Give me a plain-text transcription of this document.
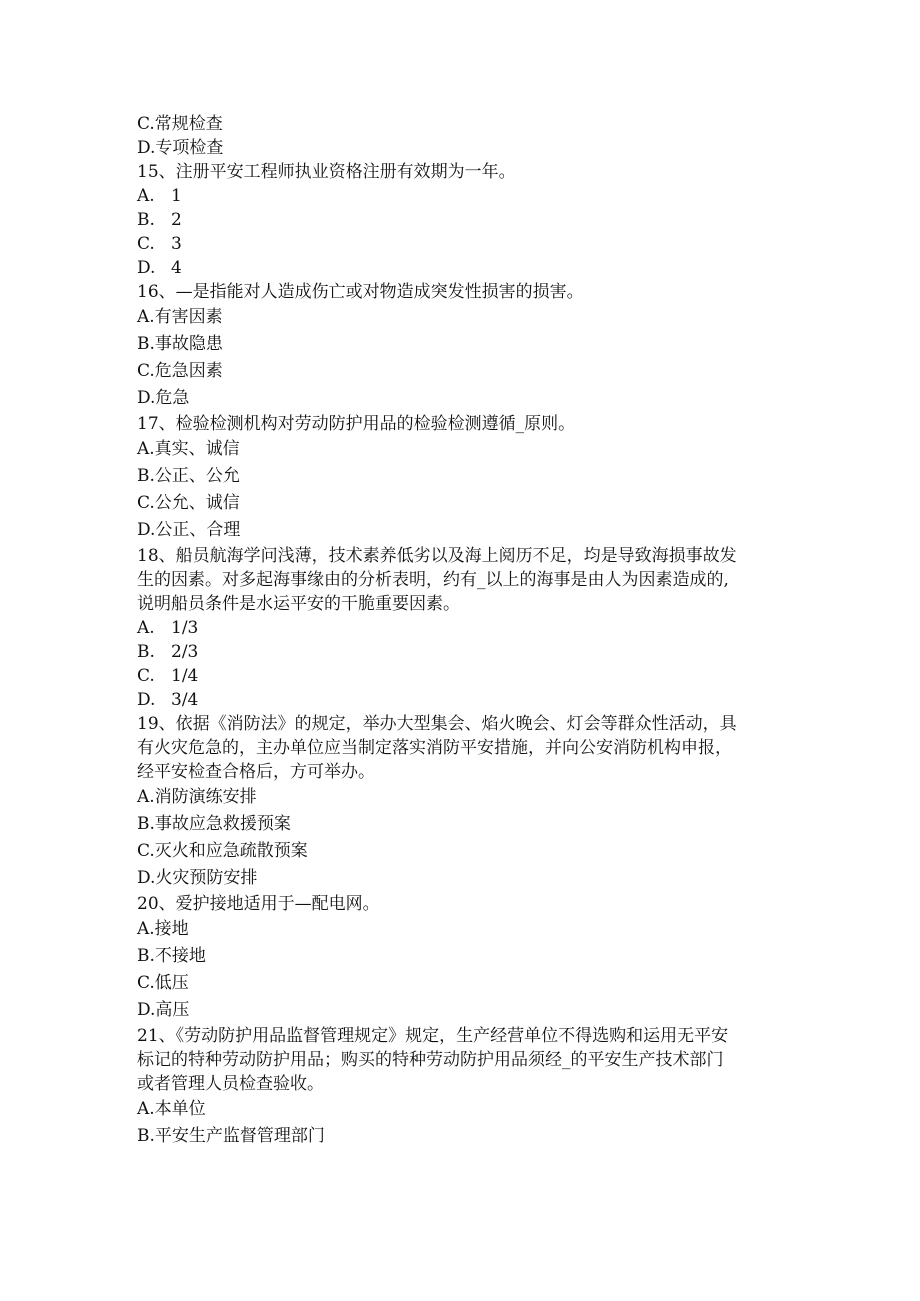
C.常规检查
D.专项检查
15、注册平安工程师执业资格注册有效期为一年。
A. 1
B. 2
C. 3
D. 4
16、—是指能对人造成伤亡或对物造成突发性损害的损害。
A.有害因素
B.事故隐患
C.危急因素
D.危急
17、检验检测机构对劳动防护用品的检验检测遵循_原则。
A.真实、诚信
B.公正、公允
C.公允、诚信
D.公正、合理
18、船员航海学问浅薄，技术素养低劣以及海上阅历不足，均是导致海损事故发
生的因素。对多起海事缘由的分析表明，约有_以上的海事是由人为因素造成的,
说明船员条件是水运平安的干脆重要因素。
A. 1/3
B. 2/3
C. 1/4
D. 3/4
19、依据《消防法》的规定，举办大型集会、焰火晚会、灯会等群众性活动，具
有火灾危急的，主办单位应当制定落实消防平安措施，并向公安消防机构申报，
经平安检查合格后，方可举办。
A.消防演练安排
B.事故应急救援预案
C.灭火和应急疏散预案
D.火灾预防安排
20、爱护接地适用于—配电网。
A.接地
B.不接地
C.低压
D.高压
21、《劳动防护用品监督管理规定》规定，生产经营单位不得选购和运用无平安
标记的特种劳动防护用品；购买的特种劳动防护用品须经_的平安生产技术部门
或者管理人员检查验收。
A.本单位
B.平安生产监督管理部门
